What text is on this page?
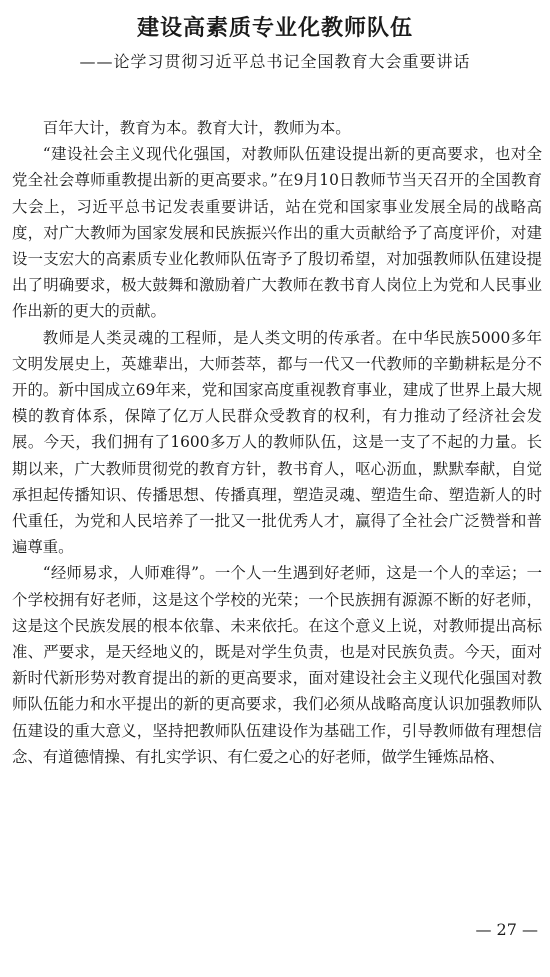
建设高素质专业化教师队伍
——论学习贯彻习近平总书记全国教育大会重要讲话

百年大计，教育为本。教育大计，教师为本。

“建设社会主义现代化强国，对教师队伍建设提出新的更高要求，也对全党全社会尊师重教提出新的更高要求。”在9月10日教师节当天召开的全国教育大会上，习近平总书记发表重要讲话，站在党和国家事业发展全局的战略高度，对广大教师为国家发展和民族振兴作出的重大贡献给予了高度评价，对建设一支宏大的高素质专业化教师队伍寄予了殷切希望，对加强教师队伍建设提出了明确要求，极大鼓舞和激励着广大教师在教书育人岗位上为党和人民事业作出新的更大的贡献。

教师是人类灵魂的工程师，是人类文明的传承者。在中华民族5000多年文明发展史上，英雄辈出，大师荟萃，都与一代又一代教师的辛勤耕耘是分不开的。新中国成立69年来，党和国家高度重视教育事业，建成了世界上最大规模的教育体系，保障了亿万人民群众受教育的权利，有力推动了经济社会发展。今天，我们拥有了1600多万人的教师队伍，这是一支了不起的力量。长期以来，广大教师贯彻党的教育方针，教书育人，呕心沥血，默默奉献，自觉承担起传播知识、传播思想、传播真理，塑造灵魂、塑造生命、塑造新人的时代重任，为党和人民培养了一批又一批优秀人才，赢得了全社会广泛赞誉和普遍尊重。

“经师易求，人师难得”。一个人一生遇到好老师，这是一个人的幸运；一个学校拥有好老师，这是这个学校的光荣；一个民族拥有源源不断的好老师，这是这个民族发展的根本依靠、未来依托。在这个意义上说，对教师提出高标准、严要求，是天经地义的，既是对学生负责，也是对民族负责。今天，面对新时代新形势对教育提出的新的更高要求，面对建设社会主义现代化强国对教师队伍能力和水平提出的新的更高要求，我们必须从战略高度认识加强教师队伍建设的重大意义，坚持把教师队伍建设作为基础工作，引导教师做有理想信念、有道德情操、有扎实学识、有仁爱之心的好老师，做学生锤炼品格、

— 27 —
